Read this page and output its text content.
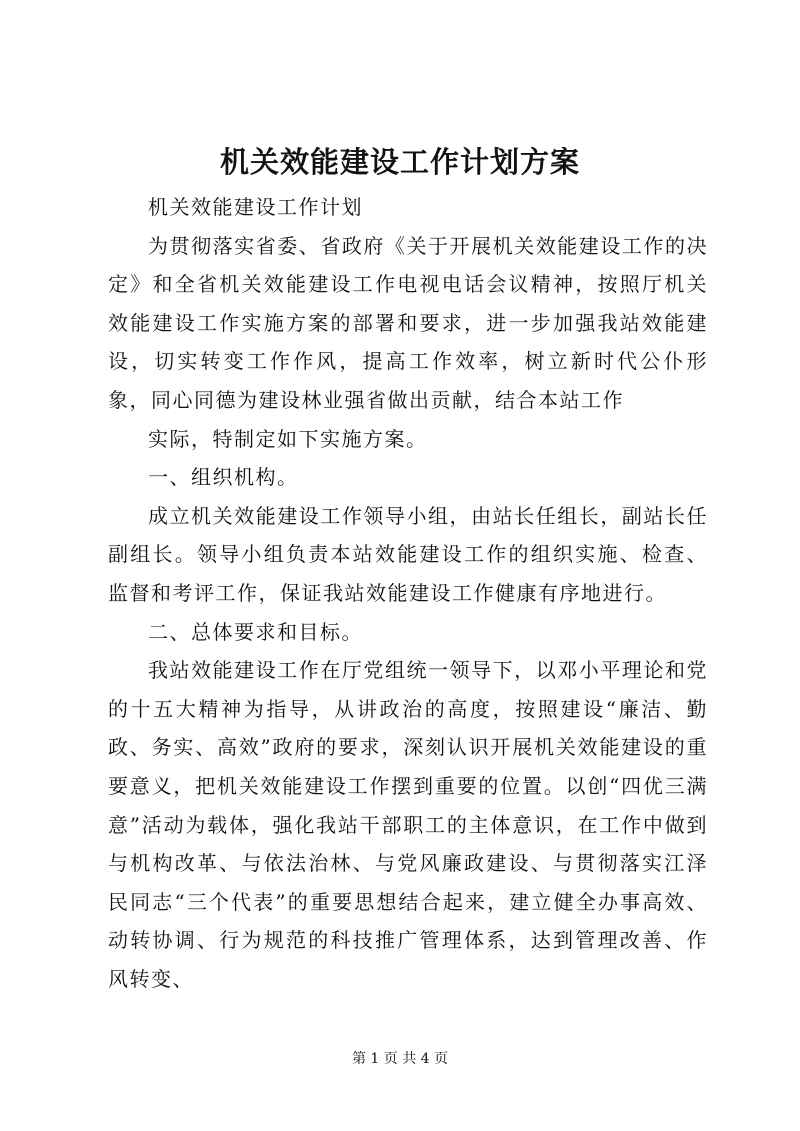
机关效能建设工作计划方案

机关效能建设工作计划

为贯彻落实省委、省政府《关于开展机关效能建设工作的决定》和全省机关效能建设工作电视电话会议精神，按照厅机关效能建设工作实施方案的部署和要求，进一步加强我站效能建设，切实转变工作作风，提高工作效率，树立新时代公仆形象，同心同德为建设林业强省做出贡献，结合本站工作

实际，特制定如下实施方案。

一、组织机构。

成立机关效能建设工作领导小组，由站长任组长，副站长任副组长。领导小组负责本站效能建设工作的组织实施、检查、监督和考评工作，保证我站效能建设工作健康有序地进行。

二、总体要求和目标。

我站效能建设工作在厅党组统一领导下，以邓小平理论和党的十五大精神为指导，从讲政治的高度，按照建设“廉洁、勤政、务实、高效”政府的要求，深刻认识开展机关效能建设的重要意义，把机关效能建设工作摆到重要的位置。以创“四优三满意”活动为载体，强化我站干部职工的主体意识，在工作中做到与机构改革、与依法治林、与党风廉政建设、与贯彻落实江泽民同志“三个代表”的重要思想结合起来，建立健全办事高效、动转协调、行为规范的科技推广管理体系，达到管理改善、作风转变、

第 1 页 共 4 页
